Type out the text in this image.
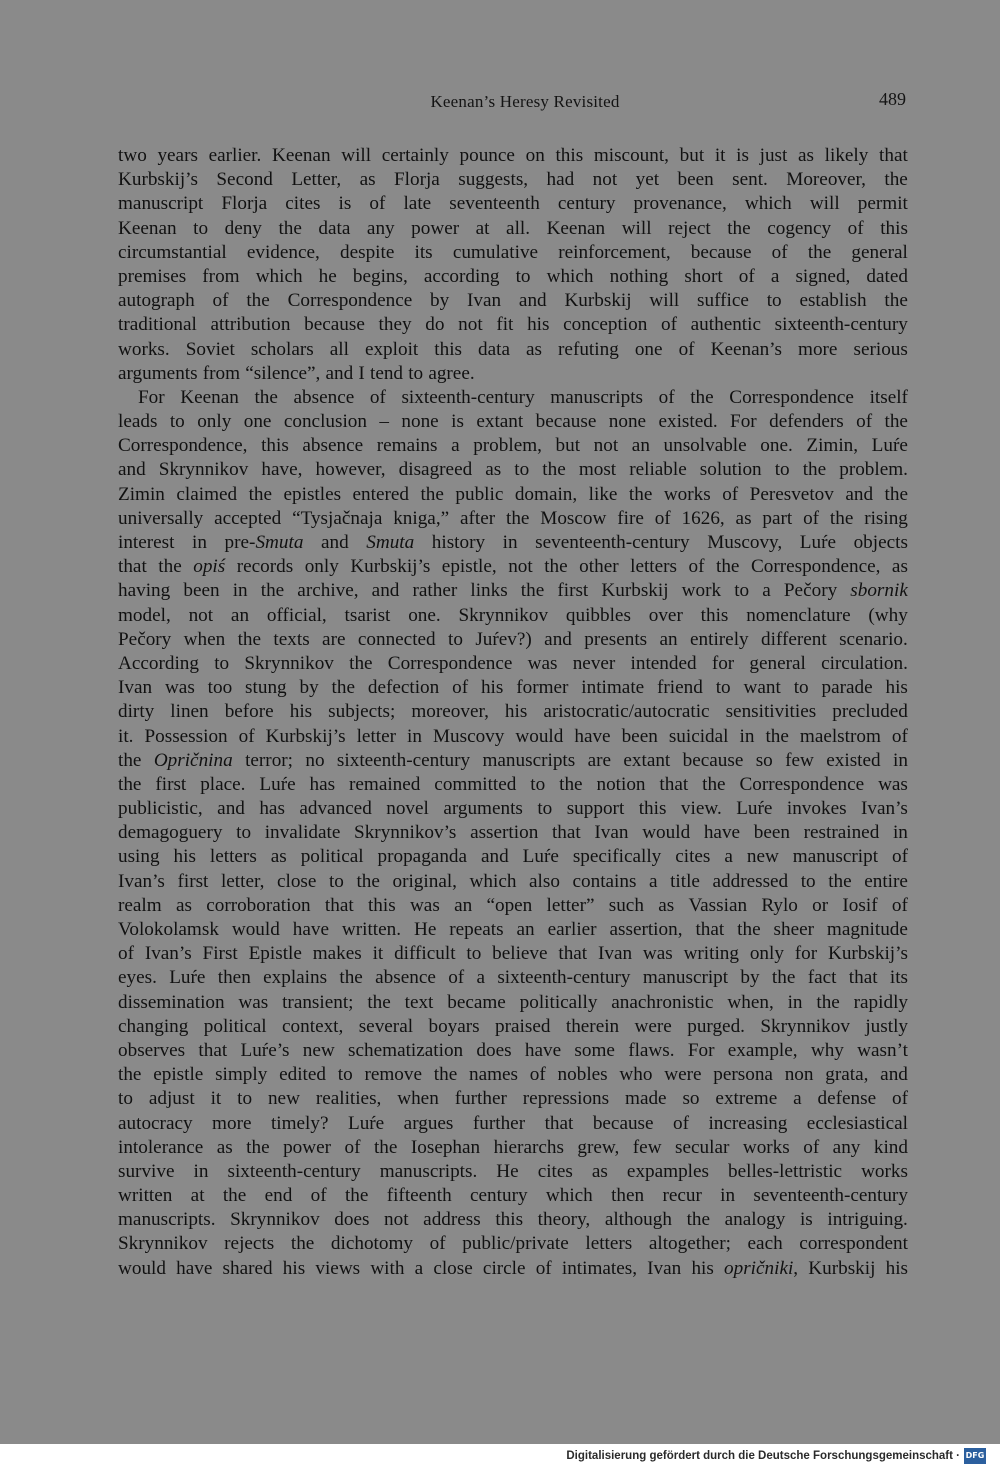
Keenan’s Heresy Revisited	489
two years earlier. Keenan will certainly pounce on this miscount, but it is just as likely that
Kurbskij’s Second Letter, as Florja suggests, had not yet been sent. Moreover, the
manuscript Florja cites is of late seventeenth century provenance, which will permit
Keenan to deny the data any power at all. Keenan will reject the cogency of this
circumstantial evidence, despite its cumulative reinforcement, because of the general
premises from which he begins, according to which nothing short of a signed, dated
autograph of the Correspondence by Ivan and Kurbskij will suffice to establish the
traditional attribution because they do not fit his conception of authentic sixteenth-century
works. Soviet scholars all exploit this data as refuting one of Keenan’s more serious
arguments from “silence”, and I tend to agree.
For Keenan the absence of sixteenth-century manuscripts of the Correspondence itself
leads to only one conclusion – none is extant because none existed. For defenders of the
Correspondence, this absence remains a problem, but not an unsolvable one. Zimin, Luŕe
and Skrynnikov have, however, disagreed as to the most reliable solution to the problem.
Zimin claimed the epistles entered the public domain, like the works of Peresvetov and the
universally accepted “Tysjačnaja kniga,” after the Moscow fire of 1626, as part of the rising
interest in pre-Smuta and Smuta history in seventeenth-century Muscovy, Luŕe objects
that the opiś records only Kurbskij’s epistle, not the other letters of the Correspondence, as
having been in the archive, and rather links the first Kurbskij work to a Pečory sbornik
model, not an official, tsarist one. Skrynnikov quibbles over this nomenclature (why
Pečory when the texts are connected to Juŕev?) and presents an entirely different scenario.
According to Skrynnikov the Correspondence was never intended for general circulation.
Ivan was too stung by the defection of his former intimate friend to want to parade his
dirty linen before his subjects; moreover, his aristocratic/autocratic sensitivities precluded
it. Possession of Kurbskij’s letter in Muscovy would have been suicidal in the maelstrom of
the Opričnina terror; no sixteenth-century manuscripts are extant because so few existed in
the first place. Luŕe has remained committed to the notion that the Correspondence was
publicistic, and has advanced novel arguments to support this view. Luŕe invokes Ivan’s
demagoguery to invalidate Skrynnikov’s assertion that Ivan would have been restrained in
using his letters as political propaganda and Luŕe specifically cites a new manuscript of
Ivan’s first letter, close to the original, which also contains a title addressed to the entire
realm as corroboration that this was an “open letter” such as Vassian Rylo or Iosif of
Volokolamsk would have written. He repeats an earlier assertion, that the sheer magnitude
of Ivan’s First Epistle makes it difficult to believe that Ivan was writing only for Kurbskij’s
eyes. Luŕe then explains the absence of a sixteenth-century manuscript by the fact that its
dissemination was transient; the text became politically anachronistic when, in the rapidly
changing political context, several boyars praised therein were purged. Skrynnikov justly
observes that Luŕe’s new schematization does have some flaws. For example, why wasn’t
the epistle simply edited to remove the names of nobles who were persona non grata, and
to adjust it to new realities, when further repressions made so extreme a defense of
autocracy more timely? Luŕe argues further that because of increasing ecclesiastical
intolerance as the power of the Iosephan hierarchs grew, few secular works of any kind
survive in sixteenth-century manuscripts. He cites as expamples belles-lettristic works
written at the end of the fifteenth century which then recur in seventeenth-century
manuscripts. Skrynnikov does not address this theory, although the analogy is intriguing.
Skrynnikov rejects the dichotomy of public/private letters altogether; each correspondent
would have shared his views with a close circle of intimates, Ivan his opričniki, Kurbskij his
Digitalisierung gefördert durch die Deutsche Forschungsgemeinschaft · DFG
